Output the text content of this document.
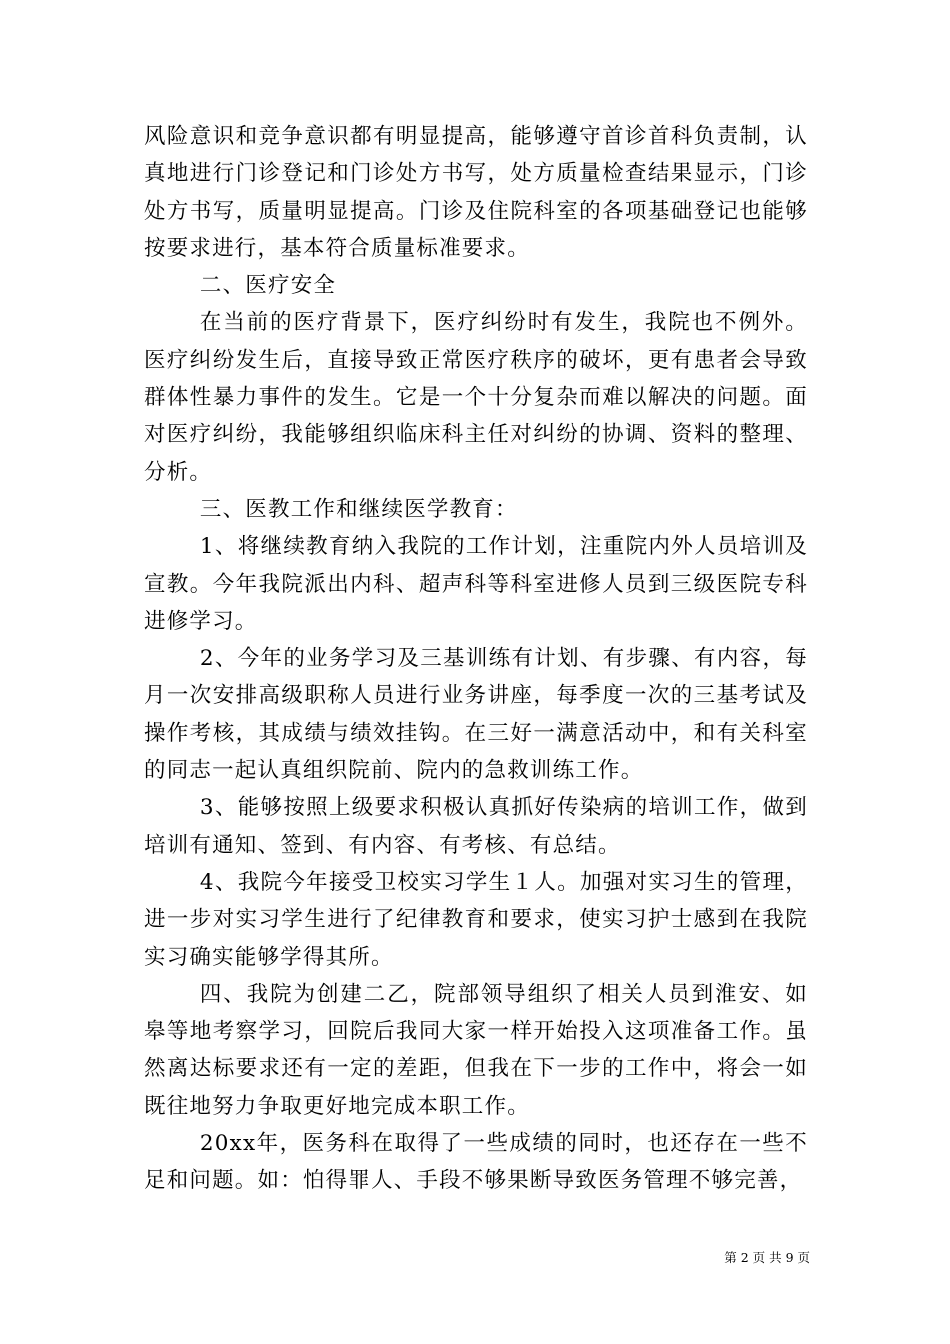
风险意识和竞争意识都有明显提高，能够遵守首诊首科负责制，认真地进行门诊登记和门诊处方书写，处方质量检查结果显示，门诊处方书写，质量明显提高。门诊及住院科室的各项基础登记也能够按要求进行，基本符合质量标准要求。

二、医疗安全

在当前的医疗背景下，医疗纠纷时有发生，我院也不例外。医疗纠纷发生后，直接导致正常医疗秩序的破坏，更有患者会导致群体性暴力事件的发生。它是一个十分复杂而难以解决的问题。面对医疗纠纷，我能够组织临床科主任对纠纷的协调、资料的整理、分析。

三、医教工作和继续医学教育：

1、将继续教育纳入我院的工作计划，注重院内外人员培训及宣教。今年我院派出内科、超声科等科室进修人员到三级医院专科进修学习。

2、今年的业务学习及三基训练有计划、有步骤、有内容，每月一次安排高级职称人员进行业务讲座，每季度一次的三基考试及操作考核，其成绩与绩效挂钩。在三好一满意活动中，和有关科室的同志一起认真组织院前、院内的急救训练工作。

3、能够按照上级要求积极认真抓好传染病的培训工作，做到培训有通知、签到、有内容、有考核、有总结。

4、我院今年接受卫校实习学生１人。加强对实习生的管理，进一步对实习学生进行了纪律教育和要求，使实习护士感到在我院实习确实能够学得其所。

四、我院为创建二乙，院部领导组织了相关人员到淮安、如皋等地考察学习，回院后我同大家一样开始投入这项准备工作。虽然离达标要求还有一定的差距，但我在下一步的工作中，将会一如既往地努力争取更好地完成本职工作。

20xx年，医务科在取得了一些成绩的同时，也还存在一些不足和问题。如：怕得罪人、手段不够果断导致医务管理不够完善，

第 2 页 共 9 页
